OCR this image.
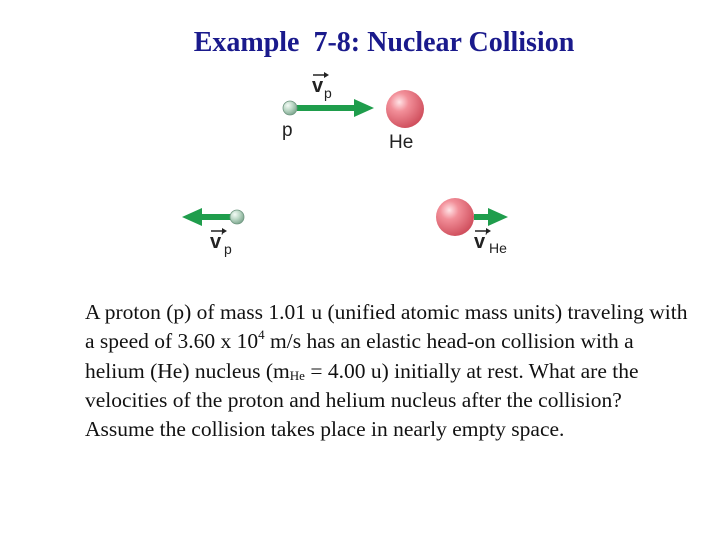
Example  7-8: Nuclear Collision
v p
p
He
v ′
p	v ′
He
A proton (p) of mass 1.01 u (unified atomic mass units) traveling with a speed of 3.60 x $10^4$ m/s has an elastic head-on collision with a helium (He) nucleus ($m_{He} = 4.00$ u) initially at rest. What are the velocities of the proton and helium nucleus after the collision? Assume the collision takes place in nearly empty space.
